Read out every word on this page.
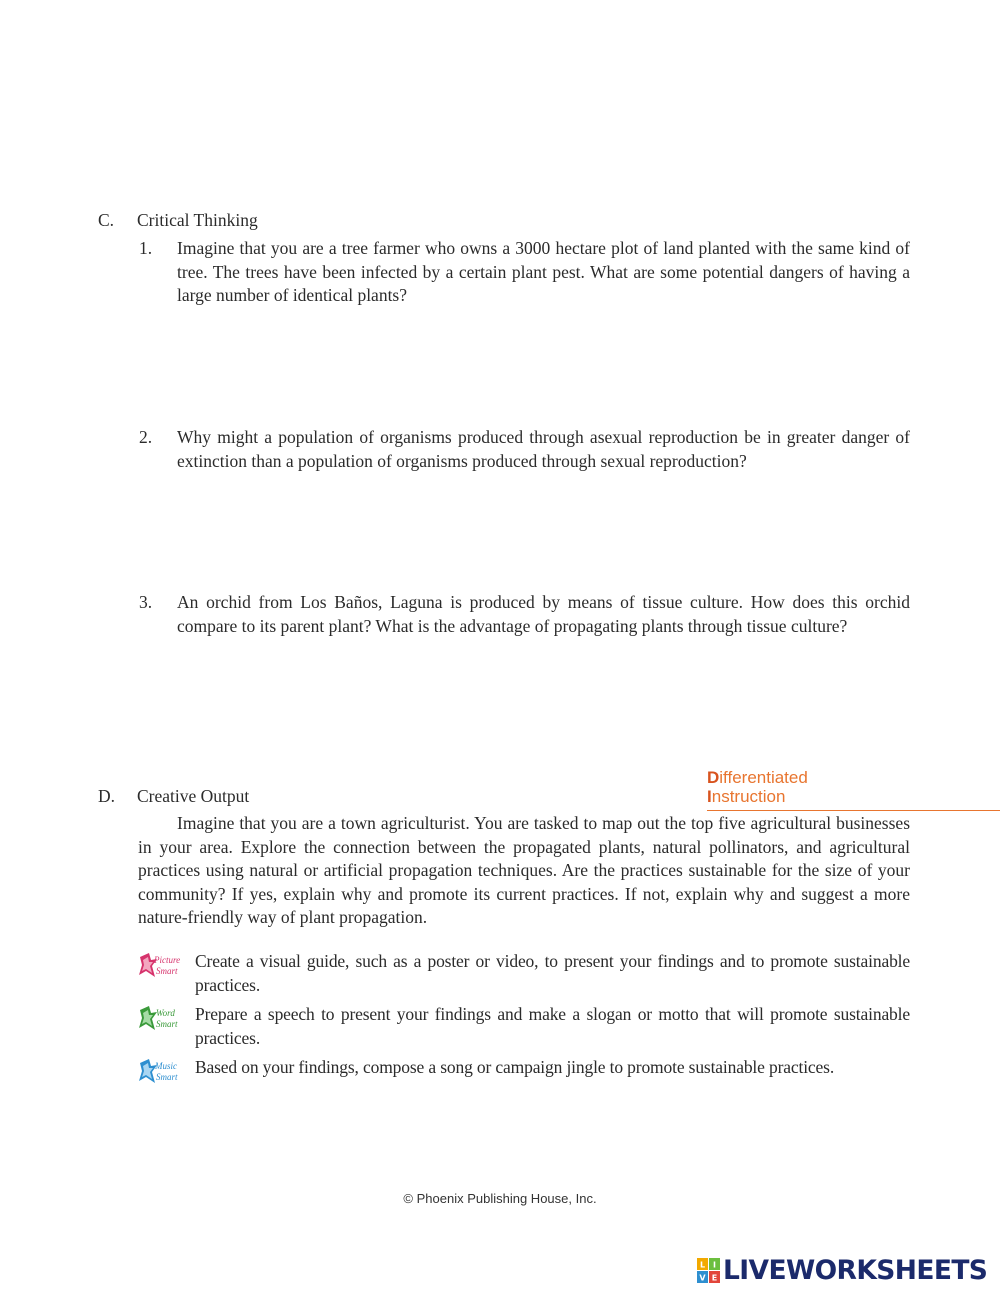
C. Critical Thinking
1. Imagine that you are a tree farmer who owns a 3000 hectare plot of land planted with the same kind of tree. The trees have been infected by a certain plant pest. What are some potential dangers of having a large number of identical plants?
2. Why might a population of organisms produced through asexual reproduction be in greater danger of extinction than a population of organisms produced through sexual reproduction?
3. An orchid from Los Baños, Laguna is produced by means of tissue culture. How does this orchid compare to its parent plant? What is the advantage of propagating plants through tissue culture?
Differentiated
Instruction
D. Creative Output
Imagine that you are a town agriculturist. You are tasked to map out the top five agricultural businesses in your area. Explore the connection between the propagated plants, natural pollinators, and agricultural practices using natural or artificial propagation techniques. Are the practices sustainable for the size of your community? If yes, explain why and promote its current practices. If not, explain why and suggest a more nature-friendly way of plant propagation.
Picture
Smart Create a visual guide, such as a poster or video, to present your findings and to promote sustainable practices.
Word
Smart Prepare a speech to present your findings and make a slogan or motto that will promote sustainable practices.
Music
Smart Based on your findings, compose a song or campaign jingle to promote sustainable practices.
© Phoenix Publishing House, Inc.
L I
V E LIVEWORKSHEETS
